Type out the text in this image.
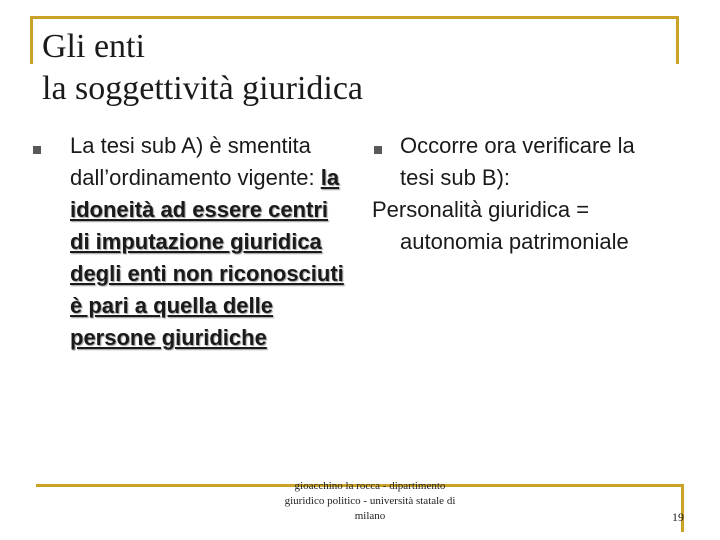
Gli enti
la soggettività giuridica
La tesi sub A) è smentita dall’ordinamento vigente: la idoneità ad essere centri di imputazione giuridica degli enti non riconosciuti è pari a quella delle persone giuridiche
Occorre ora verificare la
tesi sub B):
Personalità giuridica =
autonomia patrimoniale
gioacchino la rocca - dipartimento
giuridico politico - università statale di
milano	19
